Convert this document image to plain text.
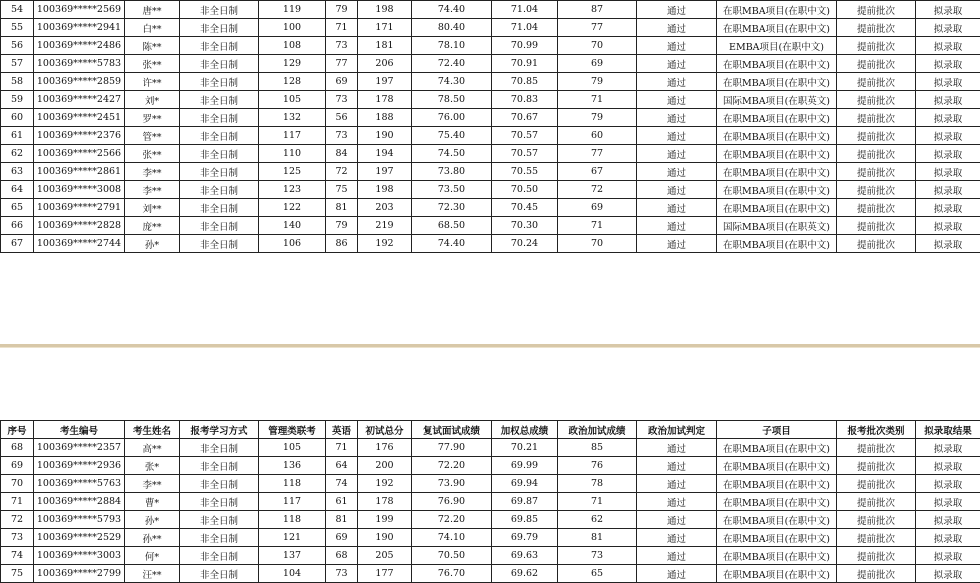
54	100369*****2569	唐**	非全日制	119	79	198	74.40	71.04	87	通过	在职MBA项目(在职中文)	提前批次	拟录取
55	100369*****2941	白**	非全日制	100	71	171	80.40	71.04	77	通过	在职MBA项目(在职中文)	提前批次	拟录取
56	100369*****2486	陈**	非全日制	108	73	181	78.10	70.99	70	通过	EMBA项目(在职中文)	提前批次	拟录取
57	100369*****5783	张**	非全日制	129	77	206	72.40	70.91	69	通过	在职MBA项目(在职中文)	提前批次	拟录取
58	100369*****2859	许**	非全日制	128	69	197	74.30	70.85	79	通过	在职MBA项目(在职中文)	提前批次	拟录取
59	100369*****2427	刘*	非全日制	105	73	178	78.50	70.83	71	通过	国际MBA项目(在职英文)	提前批次	拟录取
60	100369*****2451	罗**	非全日制	132	56	188	76.00	70.67	79	通过	在职MBA项目(在职中文)	提前批次	拟录取
61	100369*****2376	管**	非全日制	117	73	190	75.40	70.57	60	通过	在职MBA项目(在职中文)	提前批次	拟录取
62	100369*****2566	张**	非全日制	110	84	194	74.50	70.57	77	通过	在职MBA项目(在职中文)	提前批次	拟录取
63	100369*****2861	李**	非全日制	125	72	197	73.80	70.55	67	通过	在职MBA项目(在职中文)	提前批次	拟录取
64	100369*****3008	李**	非全日制	123	75	198	73.50	70.50	72	通过	在职MBA项目(在职中文)	提前批次	拟录取
65	100369*****2791	刘**	非全日制	122	81	203	72.30	70.45	69	通过	在职MBA项目(在职中文)	提前批次	拟录取
66	100369*****2828	庞**	非全日制	140	79	219	68.50	70.30	71	通过	国际MBA项目(在职英文)	提前批次	拟录取
67	100369*****2744	孙*	非全日制	106	86	192	74.40	70.24	70	通过	在职MBA项目(在职中文)	提前批次	拟录取
序号	考生编号	考生姓名	报考学习方式	管理类联考	英语	初试总分	复试面试成绩	加权总成绩	政治加试成绩	政治加试判定	子项目	报考批次类别	拟录取结果
68	100369*****2357	高**	非全日制	105	71	176	77.90	70.21	85	通过	在职MBA项目(在职中文)	提前批次	拟录取
69	100369*****2936	张*	非全日制	136	64	200	72.20	69.99	76	通过	在职MBA项目(在职中文)	提前批次	拟录取
70	100369*****5763	李**	非全日制	118	74	192	73.90	69.94	78	通过	在职MBA项目(在职中文)	提前批次	拟录取
71	100369*****2884	曹*	非全日制	117	61	178	76.90	69.87	71	通过	在职MBA项目(在职中文)	提前批次	拟录取
72	100369*****5793	孙*	非全日制	118	81	199	72.20	69.85	62	通过	在职MBA项目(在职中文)	提前批次	拟录取
73	100369*****2529	孙**	非全日制	121	69	190	74.10	69.79	81	通过	在职MBA项目(在职中文)	提前批次	拟录取
74	100369*****3003	何*	非全日制	137	68	205	70.50	69.63	73	通过	在职MBA项目(在职中文)	提前批次	拟录取
75	100369*****2799	汪**	非全日制	104	73	177	76.70	69.62	65	通过	在职MBA项目(在职中文)	提前批次	拟录取
